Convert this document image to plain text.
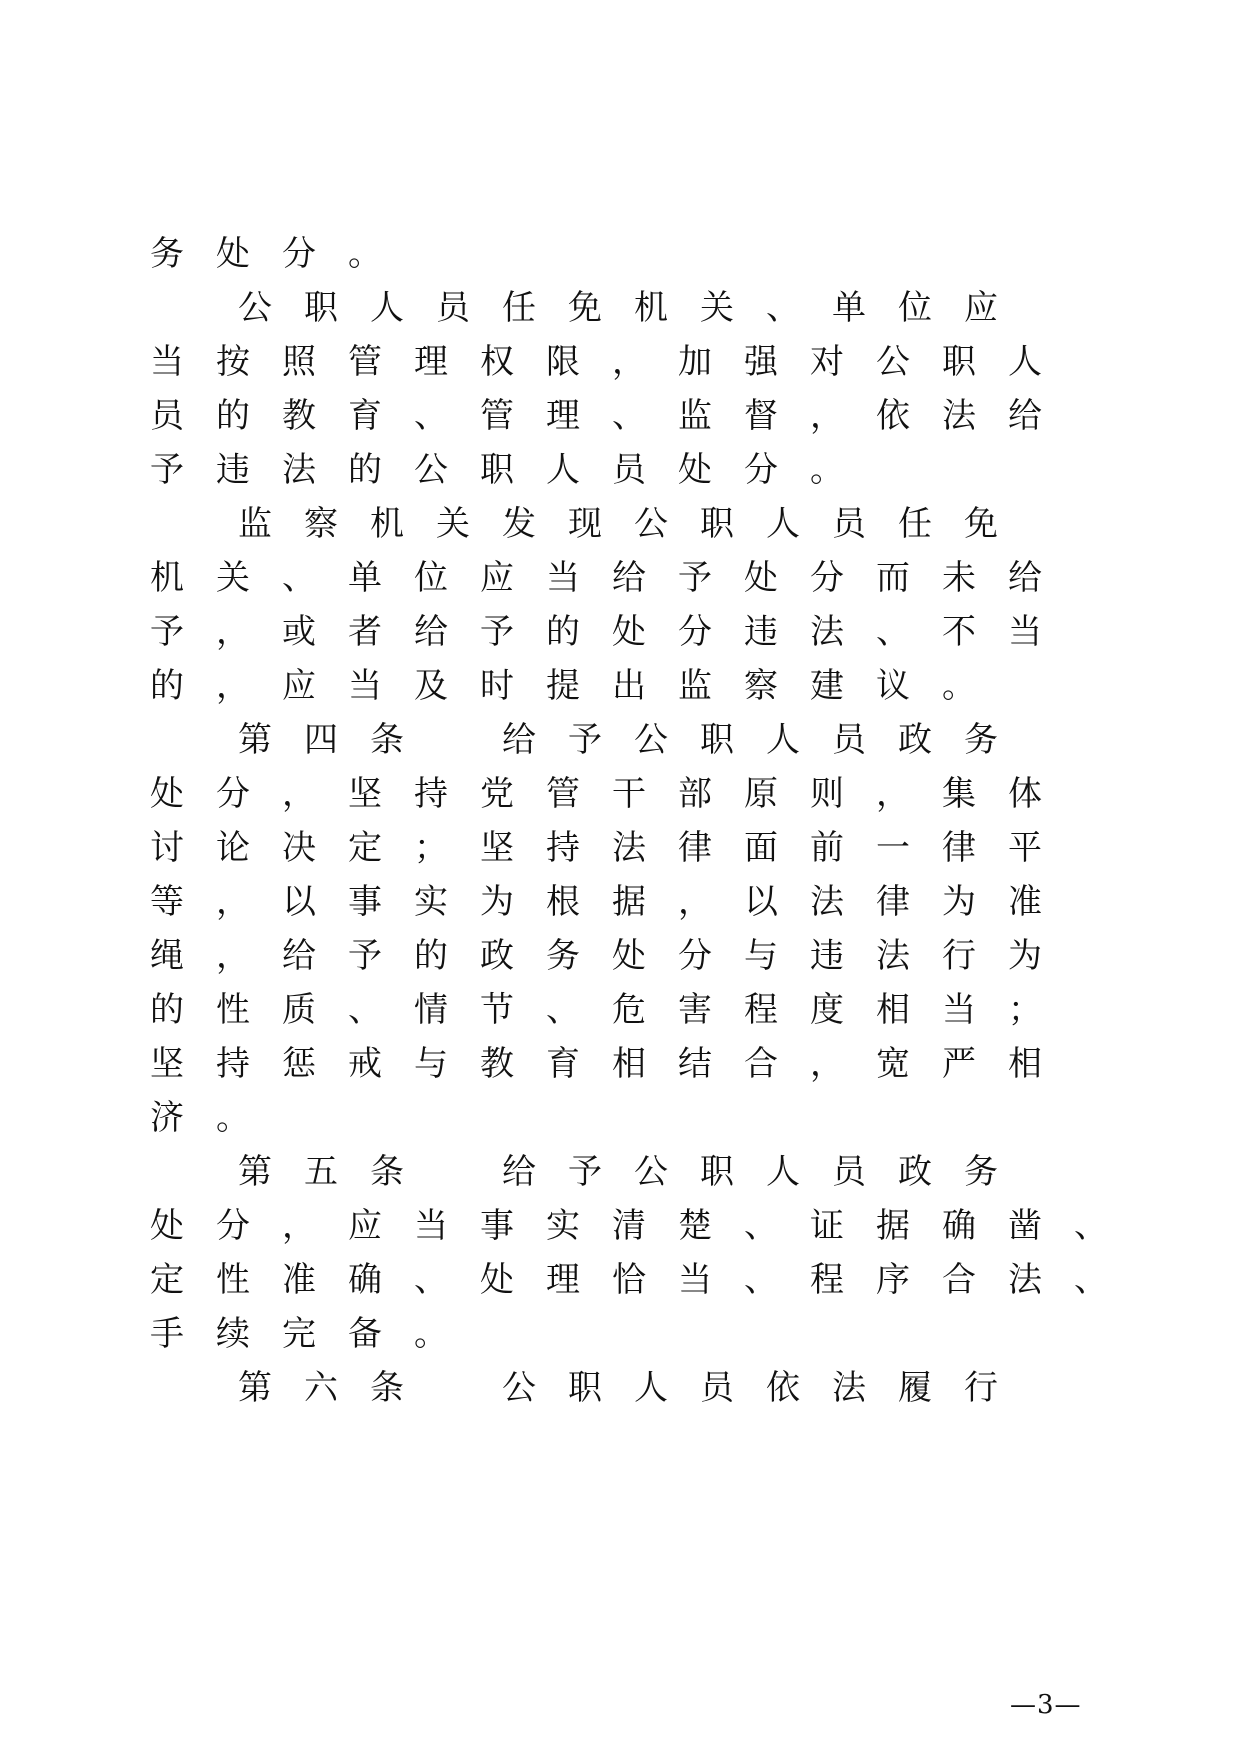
务处分。
公职人员任免机关、单位应
当按照管理权限，加强对公职人
员的教育、管理、监督，依法给
予违法的公职人员处分。
监察机关发现公职人员任免
机关、单位应当给予处分而未给
予，或者给予的处分违法、不当
的，应当及时提出监察建议。
第四条　给予公职人员政务
处分，坚持党管干部原则，集体
讨论决定；坚持法律面前一律平
等，以事实为根据，以法律为准
绳，给予的政务处分与违法行为
的性质、情节、危害程度相当；
坚持惩戒与教育相结合，宽严相
济。
第五条　给予公职人员政务
处分，应当事实清楚、证据确凿、
定性准确、处理恰当、程序合法、
手续完备。
第六条　公职人员依法履行
—3—
